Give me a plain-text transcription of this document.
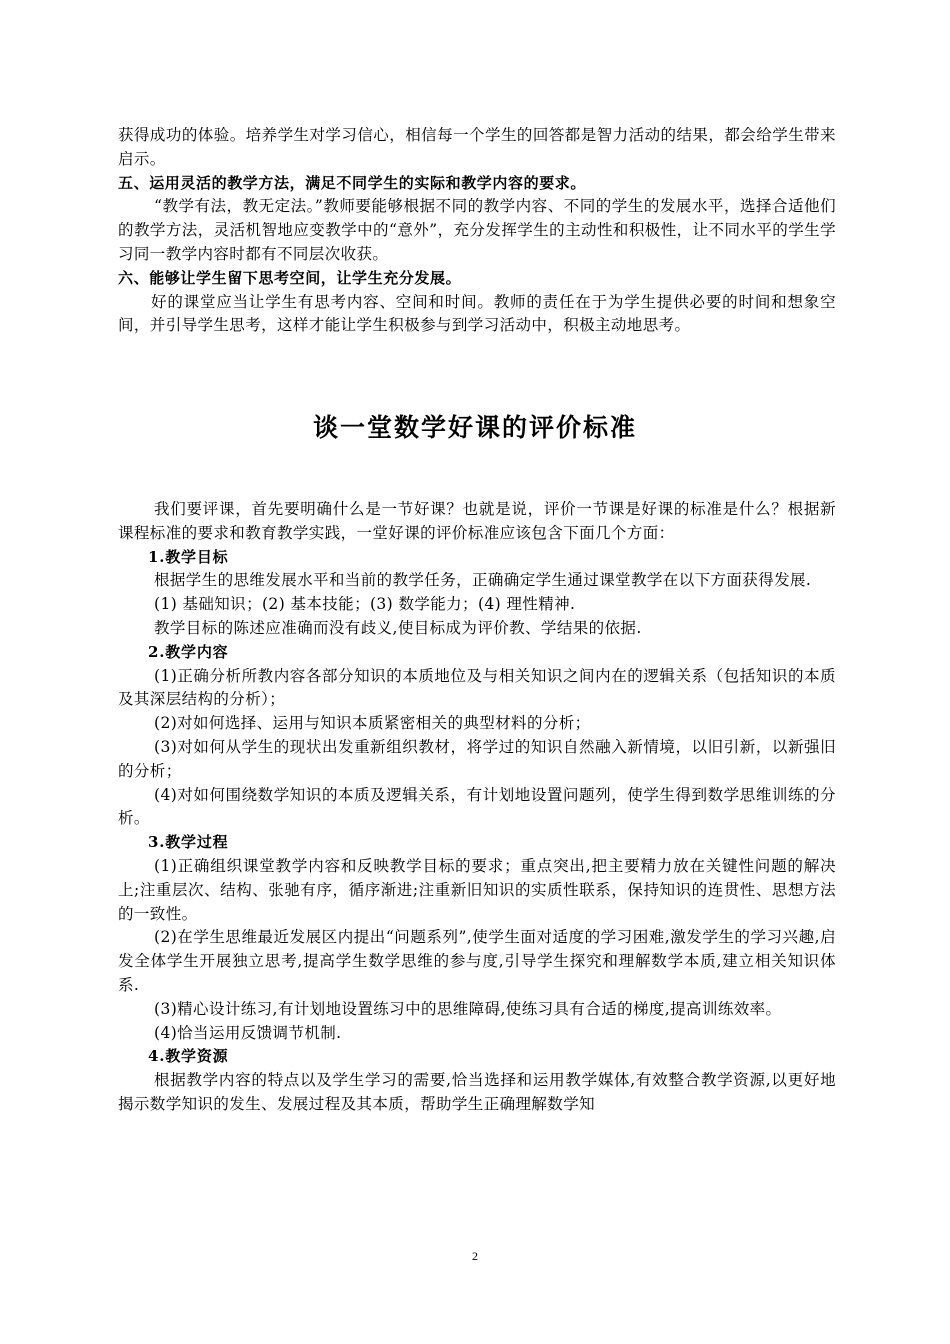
获得成功的体验。培养学生对学习信心，相信每一个学生的回答都是智力活动的结果，都会给学生带来启示。

五、运用灵活的教学方法，满足不同学生的实际和教学内容的要求。

“教学有法，教无定法。”教师要能够根据不同的教学内容、不同的学生的发展水平，选择合适他们的教学方法，灵活机智地应变教学中的“意外”，充分发挥学生的主动性和积极性，让不同水平的学生学习同一教学内容时都有不同层次收获。

六、能够让学生留下思考空间，让学生充分发展。

好的课堂应当让学生有思考内容、空间和时间。教师的责任在于为学生提供必要的时间和想象空间，并引导学生思考，这样才能让学生积极参与到学习活动中，积极主动地思考。

谈一堂数学好课的评价标准

我们要评课，首先要明确什么是一节好课？也就是说，评价一节课是好课的标准是什么？根据新课程标准的要求和教育教学实践，一堂好课的评价标准应该包含下面几个方面：

1.教学目标

根据学生的思维发展水平和当前的教学任务，正确确定学生通过课堂教学在以下方面获得发展.

(1) 基础知识；(2) 基本技能；(3) 数学能力；(4) 理性精神.

教学目标的陈述应准确而没有歧义,使目标成为评价教、学结果的依据.

2.教学内容

(1)正确分析所教内容各部分知识的本质地位及与相关知识之间内在的逻辑关系（包括知识的本质及其深层结构的分析）；

(2)对如何选择、运用与知识本质紧密相关的典型材料的分析；

(3)对如何从学生的现状出发重新组织教材，将学过的知识自然融入新情境，以旧引新，以新强旧的分析；

(4)对如何围绕数学知识的本质及逻辑关系，有计划地设置问题列，使学生得到数学思维训练的分析。

3.教学过程

(1)正确组织课堂教学内容和反映教学目标的要求；重点突出,把主要精力放在关键性问题的解决上;注重层次、结构、张驰有序，循序渐进;注重新旧知识的实质性联系，保持知识的连贯性、思想方法的一致性。

(2)在学生思维最近发展区内提出“问题系列”,使学生面对适度的学习困难,激发学生的学习兴趣,启发全体学生开展独立思考,提高学生数学思维的参与度,引导学生探究和理解数学本质,建立相关知识体系.

(3)精心设计练习,有计划地设置练习中的思维障碍,使练习具有合适的梯度,提高训练效率。

(4)恰当运用反馈调节机制.

4.教学资源

根据教学内容的特点以及学生学习的需要,恰当选择和运用教学媒体,有效整合教学资源,以更好地揭示数学知识的发生、发展过程及其本质，帮助学生正确理解数学知

2
